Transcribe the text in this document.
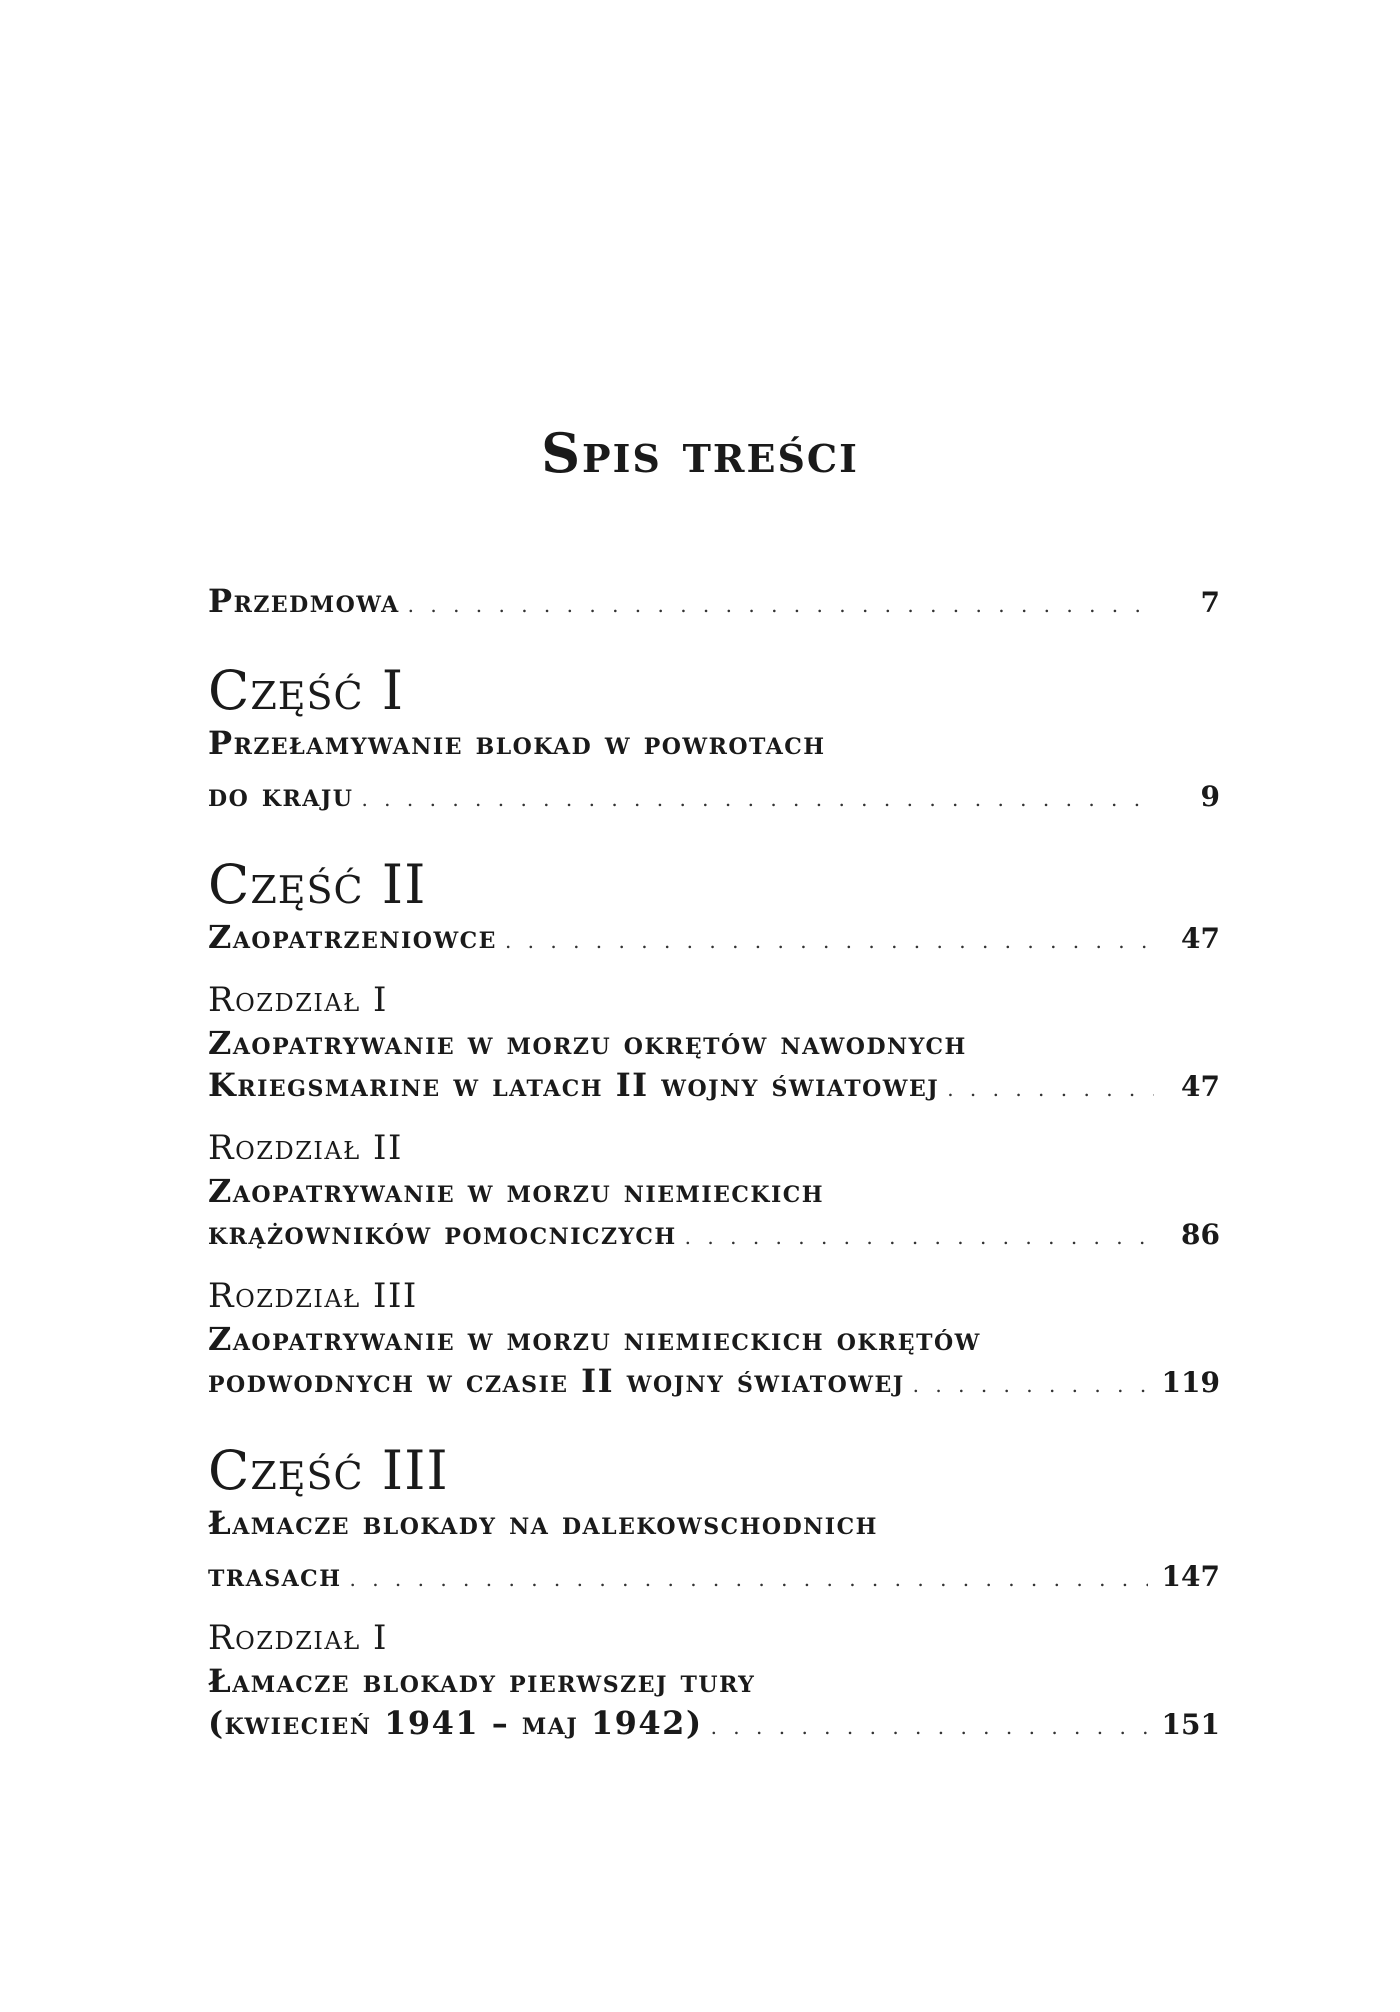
Spis treści
Przedmowa . . .	7
Część I
Przełamywanie blokad w powrotach
do kraju . . .	9
Część II
Zaopatrzeniowce . . .	47
Rozdział I
Zaopatrywanie w morzu okrętów nawodnych
Kriegsmarine w latach II wojny światowej . . .	47
Rozdział II
Zaopatrywanie w morzu niemieckich
krążowników pomocniczych . . .	86
Rozdział III
Zaopatrywanie w morzu niemieckich okrętów
podwodnych w czasie II wojny światowej . . .	119
Część III
Łamacze blokady na dalekowschodnich
trasach . . .	147
Rozdział I
Łamacze blokady pierwszej tury
(kwiecień 1941 – maj 1942) . . .	151
